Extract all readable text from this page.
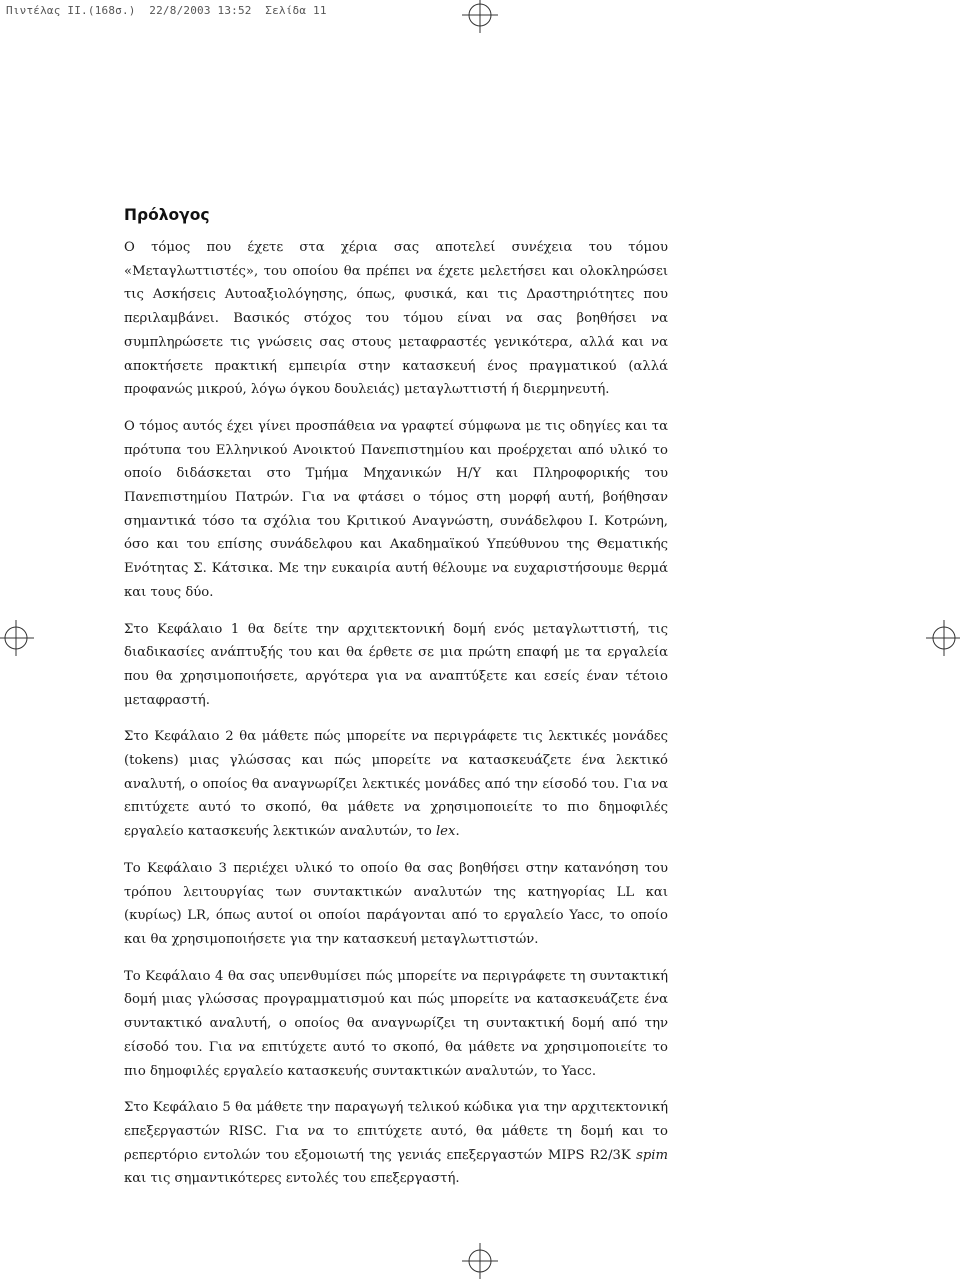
Πιντέλας ΙΙ.(168σ.)  22/8/2003 13:52  Σελίδα 11
Πρόλογος

Ο τόμος που έχετε στα χέρια σας αποτελεί συνέχεια του τόμου «Μεταγλωττιστές», του οποίου θα πρέπει να έχετε μελετήσει και ολοκληρώσει τις Ασκήσεις Αυτοαξιολόγησης, όπως, φυσικά, και τις Δραστηριότητες που περιλαμβάνει. Βασικός στόχος του τόμου είναι να σας βοηθήσει να συμπληρώσετε τις γνώσεις σας στους μεταφραστές γενικότερα, αλλά και να αποκτήσετε πρακτική εμπειρία στην κατασκευή ένος πραγματικού (αλλά προφανώς μικρού, λόγω όγκου δουλειάς) μεταγλωττιστή ή διερμηνευτή.

Ο τόμος αυτός έχει γίνει προσπάθεια να γραφτεί σύμφωνα με τις οδηγίες και τα πρότυπα του Ελληνικού Ανοικτού Πανεπιστημίου και προέρχεται από υλικό το οποίο διδάσκεται στο Τμήμα Μηχανικών Η/Υ και Πληροφορικής του Πανεπιστημίου Πατρών. Για να φτάσει ο τόμος στη μορφή αυτή, βοήθησαν σημαντικά τόσο τα σχόλια του Κριτικού Αναγνώστη, συνάδελφου Ι. Κοτρώνη, όσο και του επίσης συνάδελφου και Ακαδημαϊκού Υπεύθυνου της Θεματικής Ενότητας Σ. Κάτσικα. Με την ευκαιρία αυτή θέλουμε να ευχαριστήσουμε θερμά και τους δύο.

Στο Κεφάλαιο 1 θα δείτε την αρχιτεκτονική δομή ενός μεταγλωττιστή, τις διαδικασίες ανάπτυξής του και θα έρθετε σε μια πρώτη επαφή με τα εργαλεία που θα χρησιμοποιήσετε, αργότερα για να αναπτύξετε και εσείς έναν τέτοιο μεταφραστή.

Στο Κεφάλαιο 2 θα μάθετε πώς μπορείτε να περιγράφετε τις λεκτικές μονάδες (tokens) μιας γλώσσας και πώς μπορείτε να κατασκευάζετε ένα λεκτικό αναλυτή, ο οποίος θα αναγνωρίζει λεκτικές μονάδες από την είσοδό του. Για να επιτύχετε αυτό το σκοπό, θα μάθετε να χρησιμοποιείτε το πιο δημοφιλές εργαλείο κατασκευής λεκτικών αναλυτών, το lex.

Το Κεφάλαιο 3 περιέχει υλικό το οποίο θα σας βοηθήσει στην κατανόηση του τρόπου λειτουργίας των συντακτικών αναλυτών της κατηγορίας LL και (κυρίως) LR, όπως αυτοί οι οποίοι παράγονται από το εργαλείο Yacc, το οποίο και θα χρησιμοποιήσετε για την κατασκευή μεταγλωττιστών.

Το Κεφάλαιο 4 θα σας υπενθυμίσει πώς μπορείτε να περιγράφετε τη συντακτική δομή μιας γλώσσας προγραμματισμού και πώς μπορείτε να κατασκευάζετε ένα συντακτικό αναλυτή, ο οποίος θα αναγνωρίζει τη συντακτική δομή από την είσοδό του. Για να επιτύχετε αυτό το σκοπό, θα μάθετε να χρησιμοποιείτε το πιο δημοφιλές εργαλείο κατασκευής συντακτικών αναλυτών, το Yacc.

Στο Κεφάλαιο 5 θα μάθετε την παραγωγή τελικού κώδικα για την αρχιτεκτονική επεξεργαστών RISC. Για να το επιτύχετε αυτό, θα μάθετε τη δομή και το ρεπερτόριο εντολών του εξομοιωτή της γενιάς επεξεργαστών MIPS R2/3K spim και τις σημαντικότερες εντολές του επεξεργαστή.
